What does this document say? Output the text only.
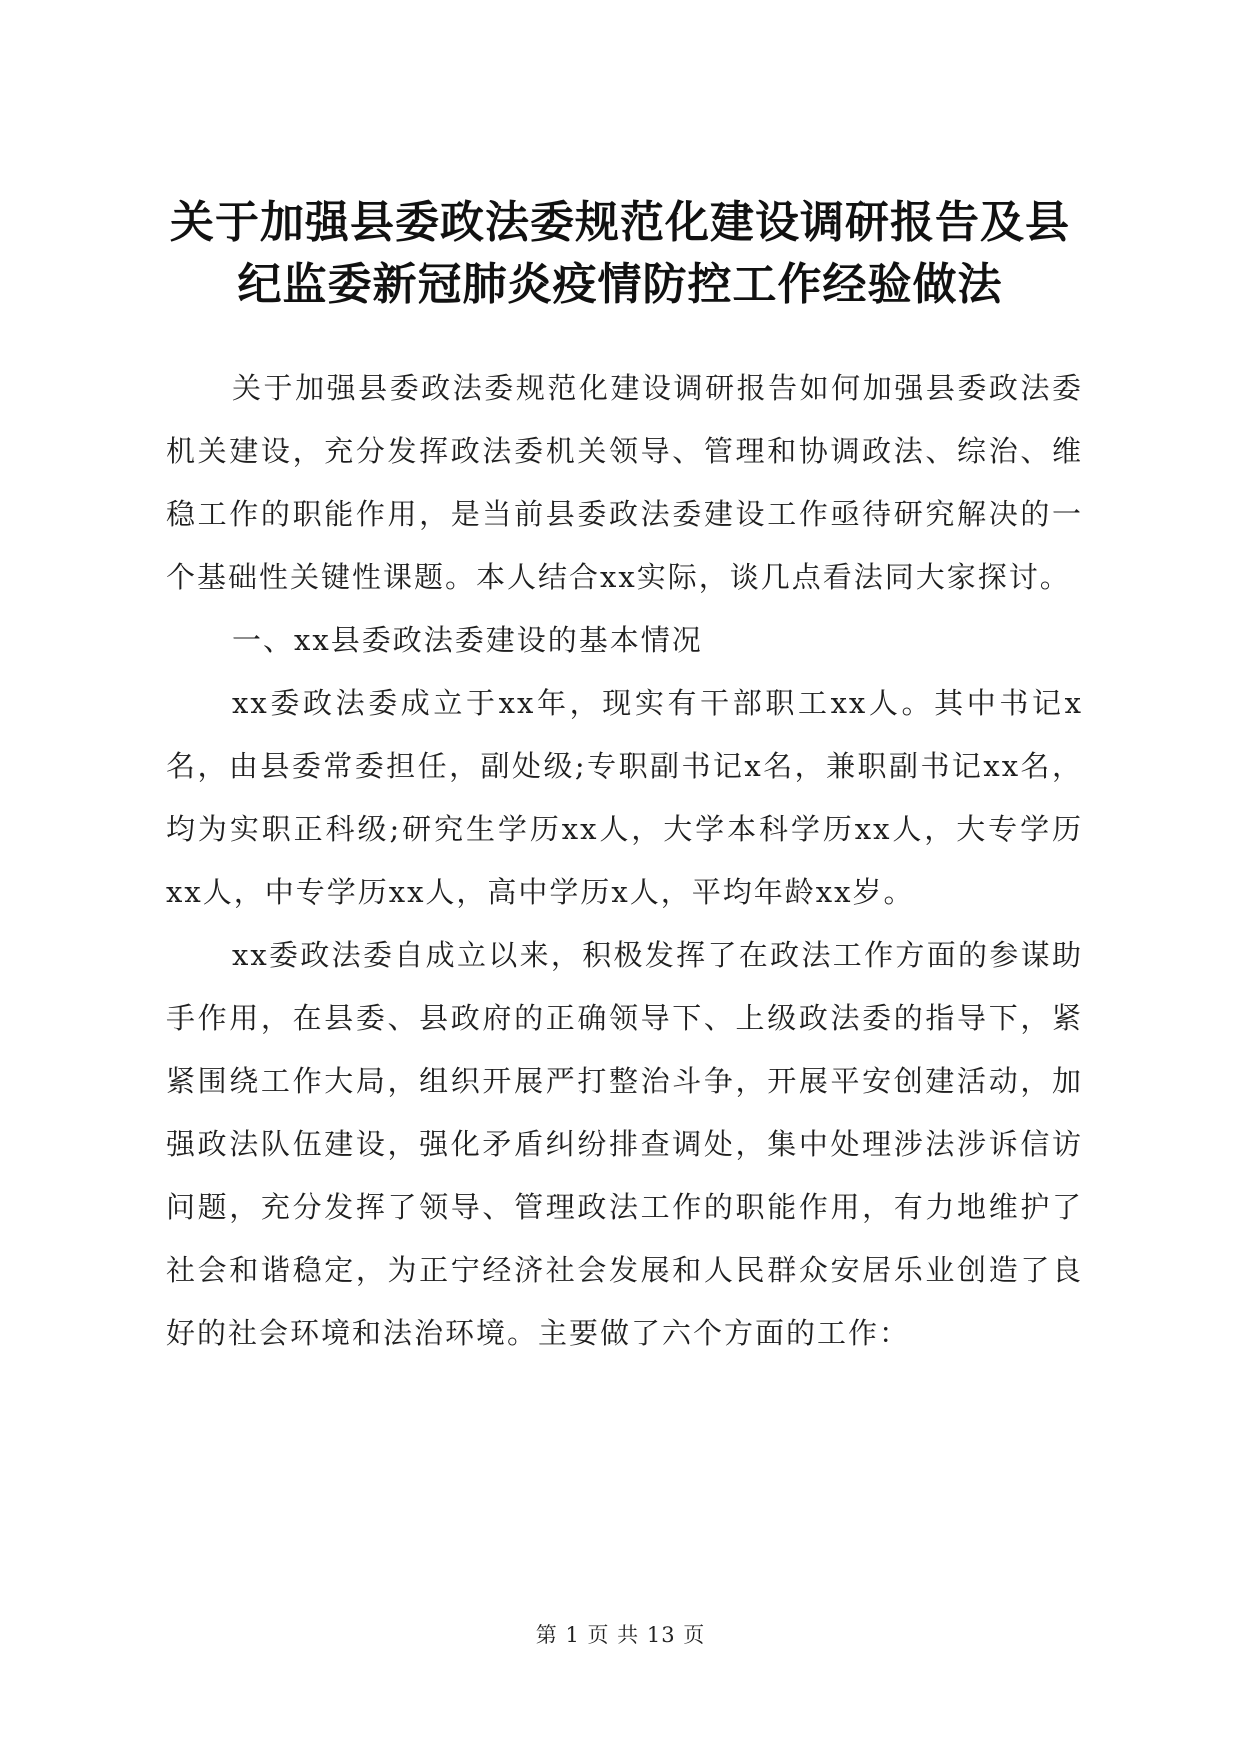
关于加强县委政法委规范化建设调研报告及县
纪监委新冠肺炎疫情防控工作经验做法

关于加强县委政法委规范化建设调研报告如何加强县委政法委机关建设，充分发挥政法委机关领导、管理和协调政法、综治、维稳工作的职能作用，是当前县委政法委建设工作亟待研究解决的一个基础性关键性课题。本人结合xx实际，谈几点看法同大家探讨。

一、xx县委政法委建设的基本情况

xx委政法委成立于xx年，现实有干部职工xx人。其中书记x名，由县委常委担任，副处级;专职副书记x名，兼职副书记xx名，均为实职正科级;研究生学历xx人，大学本科学历xx人，大专学历xx人，中专学历xx人，高中学历x人，平均年龄xx岁。

xx委政法委自成立以来，积极发挥了在政法工作方面的参谋助手作用，在县委、县政府的正确领导下、上级政法委的指导下，紧紧围绕工作大局，组织开展严打整治斗争，开展平安创建活动，加强政法队伍建设，强化矛盾纠纷排查调处，集中处理涉法涉诉信访问题，充分发挥了领导、管理政法工作的职能作用，有力地维护了社会和谐稳定，为正宁经济社会发展和人民群众安居乐业创造了良好的社会环境和法治环境。主要做了六个方面的工作：

第 1 页 共 13 页
